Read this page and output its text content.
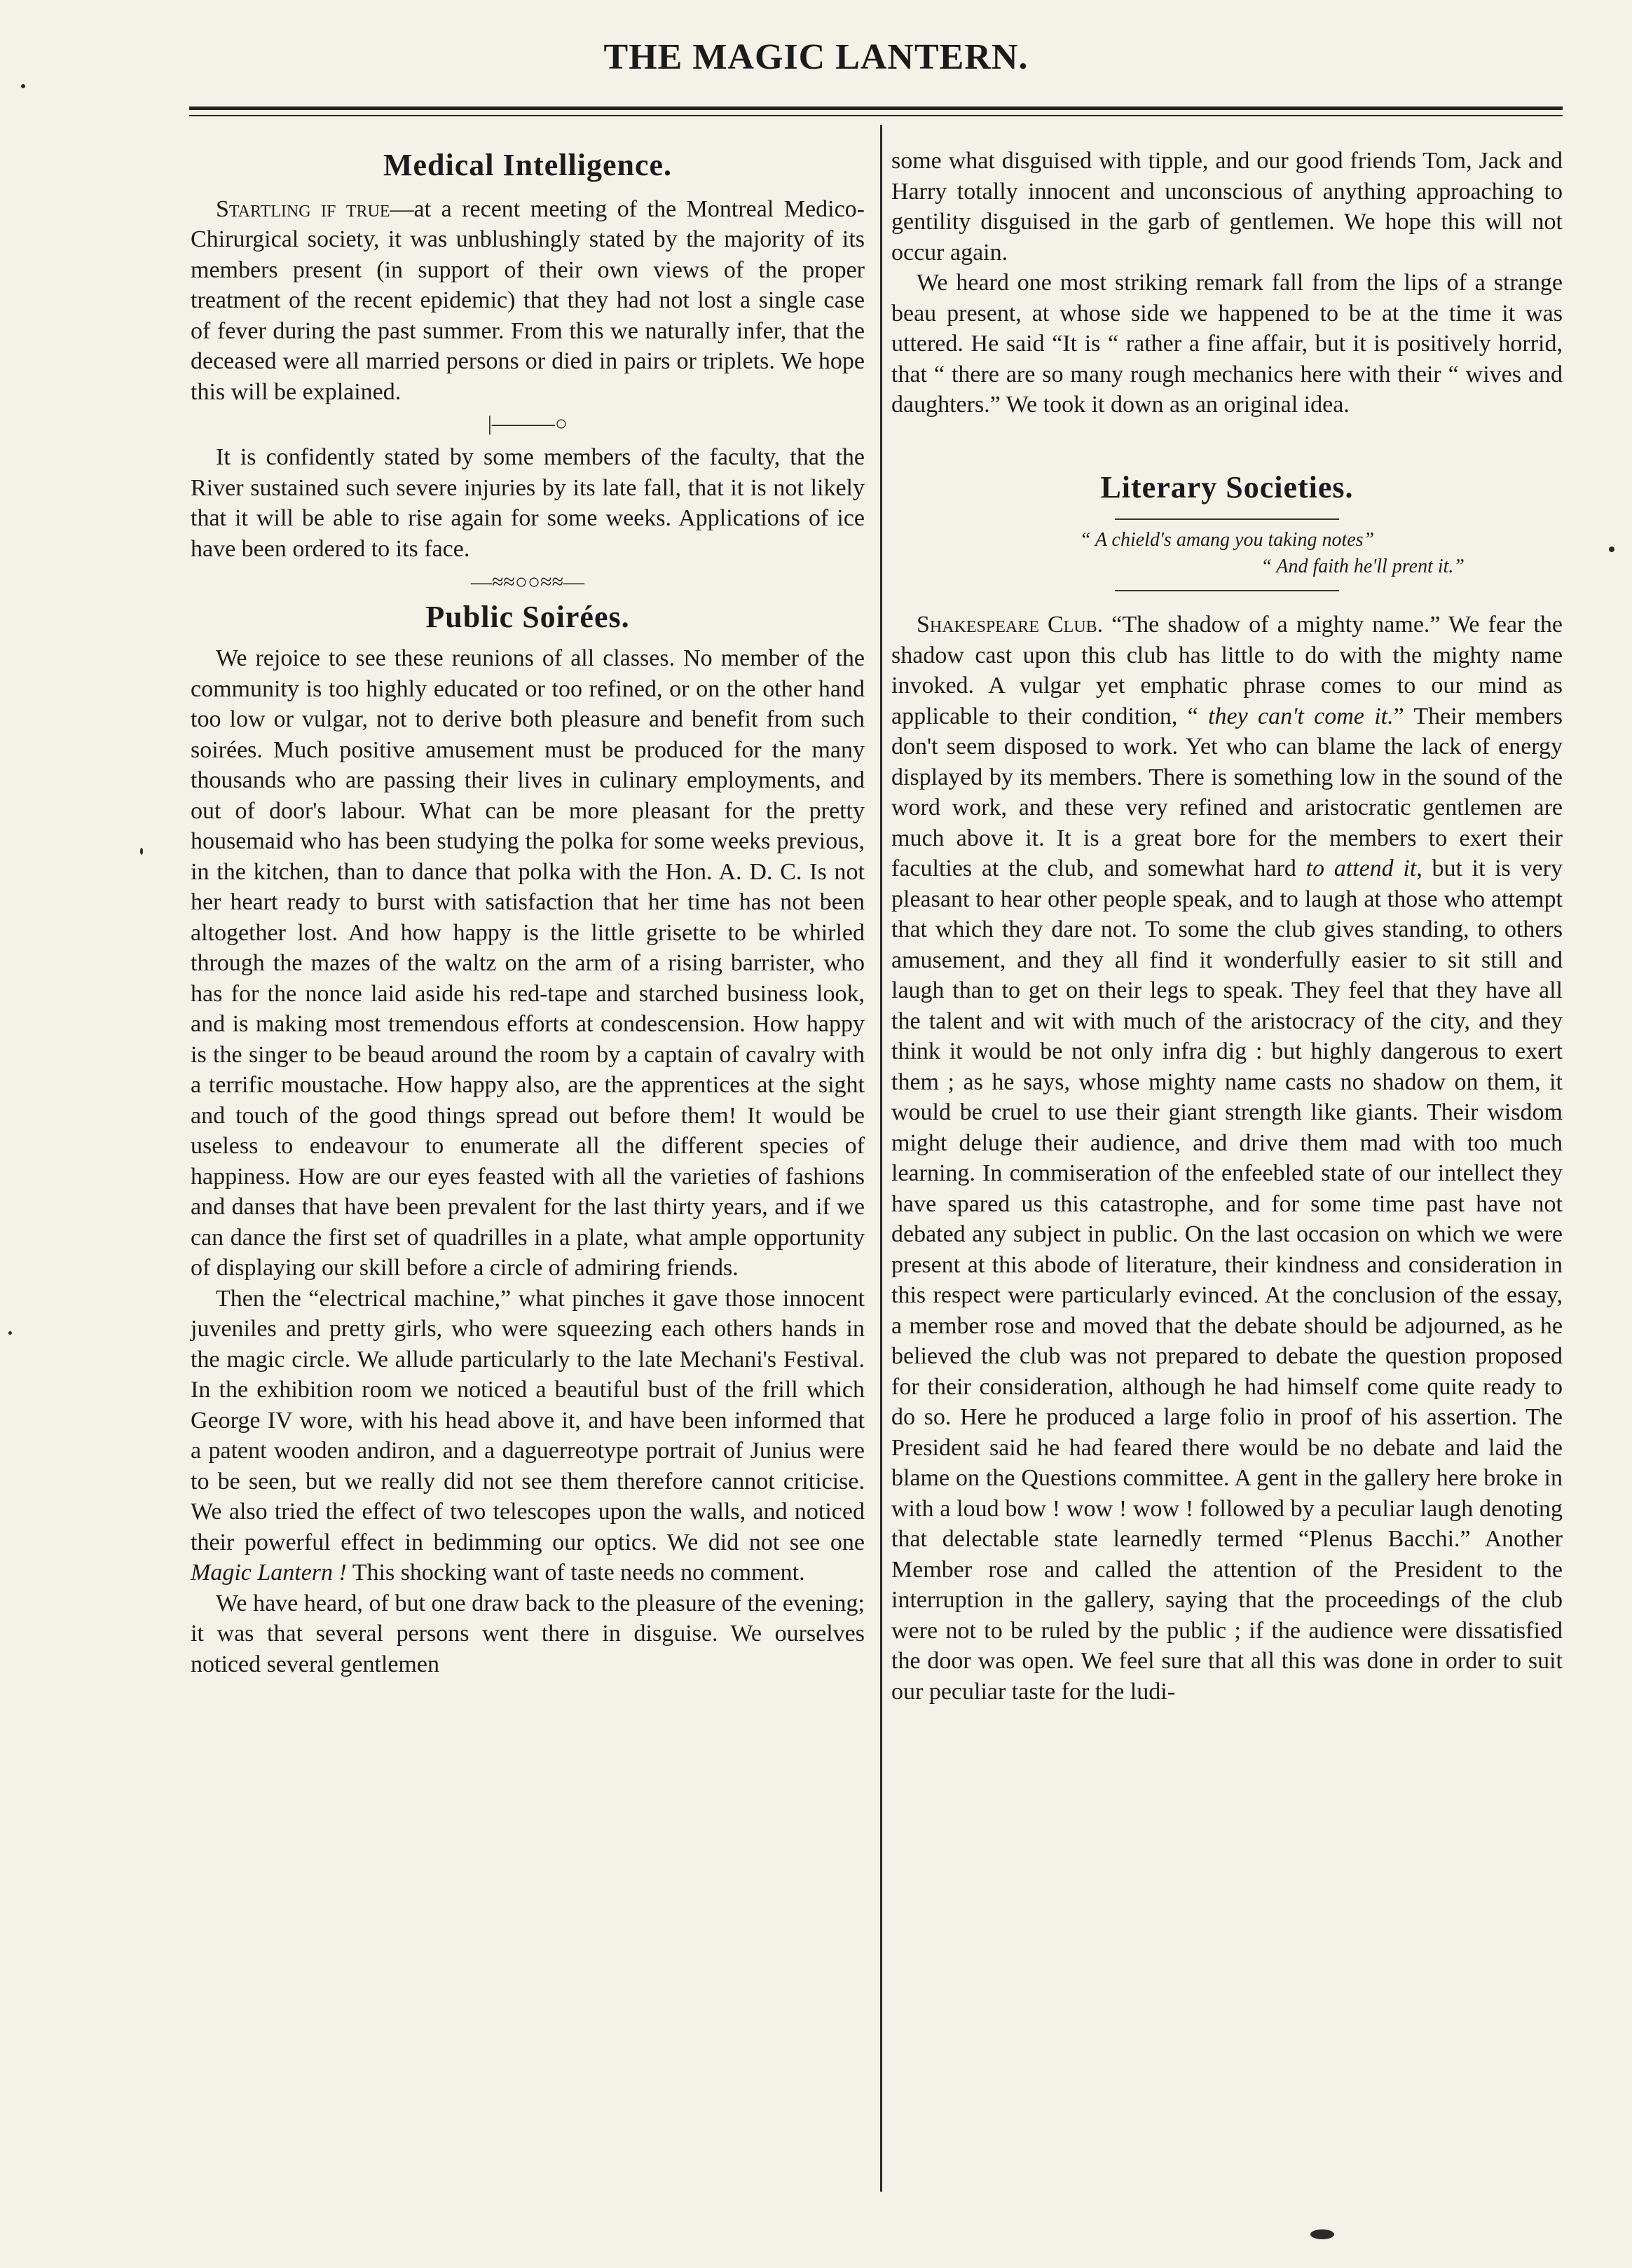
THE MAGIC LANTERN.
Medical Intelligence.

Startling if true—at a recent meeting of the Montreal Medico-Chirurgical society, it was unblushingly stated by the majority of its members present (in support of their own views of the proper treatment of the recent epidemic) that they had not lost a single case of fever during the past summer. From this we naturally infer, that the deceased were all married persons or died in pairs or triplets. We hope this will be explained.

|———○

It is confidently stated by some members of the faculty, that the River sustained such severe injuries by its late fall, that it is not likely that it will be able to rise again for some weeks. Applications of ice have been ordered to its face.

—≈≈○○≈≈—
Public Soirées.

We rejoice to see these reunions of all classes. No member of the community is too highly educated or too refined, or on the other hand too low or vulgar, not to derive both pleasure and benefit from such soirées. Much positive amusement must be produced for the many thousands who are passing their lives in culinary employments, and out of door's labour. What can be more pleasant for the pretty housemaid who has been studying the polka for some weeks previous, in the kitchen, than to dance that polka with the Hon. A. D. C. Is not her heart ready to burst with satisfaction that her time has not been altogether lost. And how happy is the little grisette to be whirled through the mazes of the waltz on the arm of a rising barrister, who has for the nonce laid aside his red-tape and starched business look, and is making most tremendous efforts at condescension. How happy is the singer to be beaud around the room by a captain of cavalry with a terrific moustache. How happy also, are the apprentices at the sight and touch of the good things spread out before them! It would be useless to endeavour to enumerate all the different species of happiness. How are our eyes feasted with all the varieties of fashions and danses that have been prevalent for the last thirty years, and if we can dance the first set of quadrilles in a plate, what ample opportunity of displaying our skill before a circle of admiring friends.

Then the “electrical machine,” what pinches it gave those innocent juveniles and pretty girls, who were squeezing each others hands in the magic circle. We allude particularly to the late Mechani's Festival. In the exhibition room we noticed a beautiful bust of the frill which George IV wore, with his head above it, and have been informed that a patent wooden andiron, and a daguerreotype portrait of Junius were to be seen, but we really did not see them therefore cannot criticise. We also tried the effect of two telescopes upon the walls, and noticed their powerful effect in bedimming our optics. We did not see one Magic Lantern ! This shocking want of taste needs no comment.

We have heard, of but one draw back to the pleasure of the evening; it was that several persons went there in disguise. We ourselves noticed several gentlemen

some what disguised with tipple, and our good friends Tom, Jack and Harry totally innocent and unconscious of anything approaching to gentility disguised in the garb of gentlemen. We hope this will not occur again.

We heard one most striking remark fall from the lips of a strange beau present, at whose side we happened to be at the time it was uttered. He said “It is “ rather a fine affair, but it is positively horrid, that “ there are so many rough mechanics here with their “ wives and daughters.” We took it down as an original idea.

Literary Societies.

“ A chield's amang you taking notes”

“ And faith he'll prent it.”

Shakespeare Club. “The shadow of a mighty name.” We fear the shadow cast upon this club has little to do with the mighty name invoked. A vulgar yet emphatic phrase comes to our mind as applicable to their condition, “ they can't come it.” Their members don't seem disposed to work. Yet who can blame the lack of energy displayed by its members. There is something low in the sound of the word work, and these very refined and aristocratic gentlemen are much above it. It is a great bore for the members to exert their faculties at the club, and somewhat hard to attend it, but it is very pleasant to hear other people speak, and to laugh at those who attempt that which they dare not. To some the club gives standing, to others amusement, and they all find it wonderfully easier to sit still and laugh than to get on their legs to speak. They feel that they have all the talent and wit with much of the aristocracy of the city, and they think it would be not only infra dig : but highly dangerous to exert them ; as he says, whose mighty name casts no shadow on them, it would be cruel to use their giant strength like giants. Their wisdom might deluge their audience, and drive them mad with too much learning. In commiseration of the enfeebled state of our intellect they have spared us this catastrophe, and for some time past have not debated any subject in public. On the last occasion on which we were present at this abode of literature, their kindness and consideration in this respect were particularly evinced. At the conclusion of the essay, a member rose and moved that the debate should be adjourned, as he believed the club was not prepared to debate the question proposed for their consideration, although he had himself come quite ready to do so. Here he produced a large folio in proof of his assertion. The President said he had feared there would be no debate and laid the blame on the Questions committee. A gent in the gallery here broke in with a loud bow ! wow ! wow ! followed by a peculiar laugh denoting that delectable state learnedly termed “Plenus Bacchi.” Another Member rose and called the attention of the President to the interruption in the gallery, saying that the proceedings of the club were not to be ruled by the public ; if the audience were dissatisfied the door was open. We feel sure that all this was done in order to suit our peculiar taste for the ludi-
